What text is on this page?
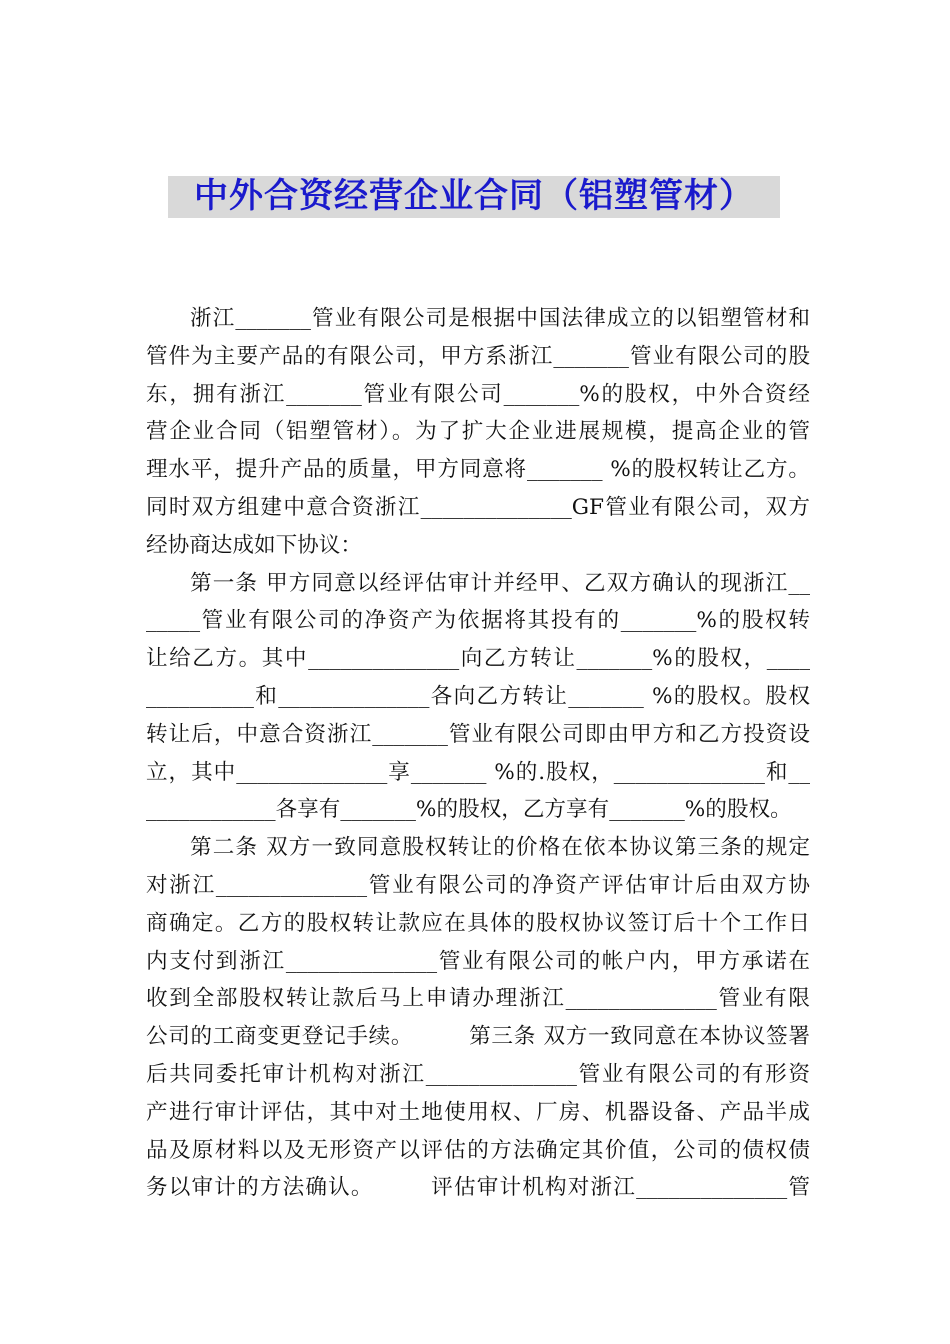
中外合资经营企业合同（铝塑管材）
浙江_______管业有限公司是根据中国法律成立的以铝塑管材和
管件为主要产品的有限公司，甲方系浙江_______管业有限公司的股
东，拥有浙江_______管业有限公司_______%的股权，中外合资经
营企业合同（铝塑管材）。为了扩大企业进展规模，提高企业的管
理水平，提升产品的质量，甲方同意将_______ %的股权转让乙方。
同时双方组建中意合资浙江______________GF管业有限公司，双方
经协商达成如下协议：
第一条 甲方同意以经评估审计并经甲、乙双方确认的现浙江__
_____管业有限公司的净资产为依据将其投有的_______%的股权转
让给乙方。其中______________向乙方转让_______%的股权，____
__________和______________各向乙方转让_______ %的股权。股权
转让后，中意合资浙江_______管业有限公司即由甲方和乙方投资设
立，其中______________享_______ %的.股权，______________和__
____________各享有_______%的股权，乙方享有_______%的股权。
第二条 双方一致同意股权转让的价格在依本协议第三条的规定
对浙江______________管业有限公司的净资产评估审计后由双方协
商确定。乙方的股权转让款应在具体的股权协议签订后十个工作日
内支付到浙江______________管业有限公司的帐户内，甲方承诺在
收到全部股权转让款后马上申请办理浙江______________管业有限
公司的工商变更登记手续。　　　第三条 双方一致同意在本协议签署
后共同委托审计机构对浙江______________管业有限公司的有形资
产进行审计评估，其中对土地使用权、厂房、机器设备、产品半成
品及原材料以及无形资产以评估的方法确定其价值，公司的债权债
务以审计的方法确认。　　　评估审计机构对浙江______________管
